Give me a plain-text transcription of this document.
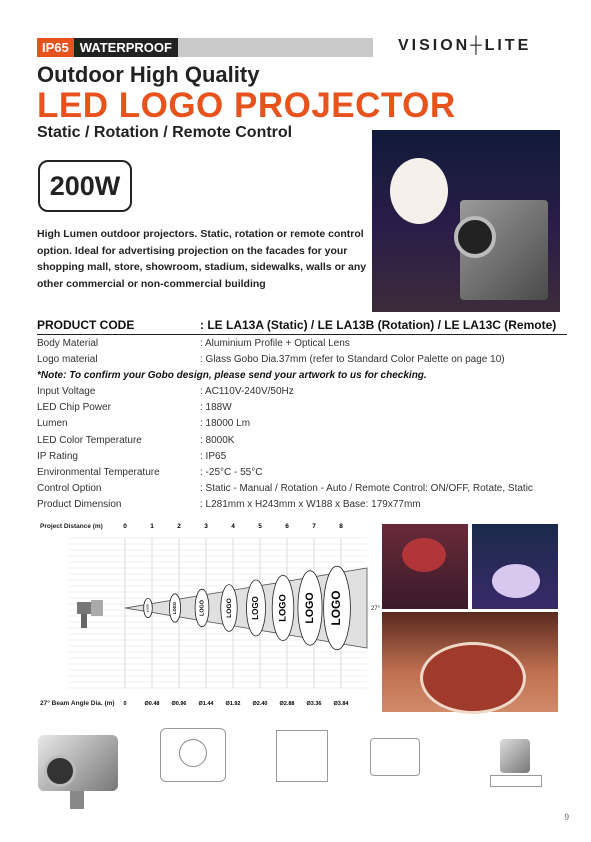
IP65 WATERPROOF	VISION┼LITE
Outdoor High Quality
LED LOGO PROJECTOR
Static / Rotation / Remote Control
200W
High Lumen outdoor projectors. Static, rotation or remote control option. Ideal for advertising projection on the facades for your shopping mall, store, showroom, stadium, sidewalks, walls or any other commercial or non-commercial building
PRODUCT CODE	: LE LA13A (Static) / LE LA13B (Rotation) / LE LA13C (Remote)
Body Material	: Aluminium Profile + Optical Lens
Logo material	: Glass Gobo Dia.37mm (refer to Standard Color Palette on page 10)
*Note: To confirm your Gobo design, please send your artwork to us for checking.
Input Voltage	: AC110V-240V/50Hz
LED Chip Power	: 188W
Lumen	: 18000 Lm
LED Color Temperature	: 8000K
IP Rating	: IP65
Environmental Temperature	: -25°C - 55°C
Control Option	: Static - Manual / Rotation - Auto / Remote Control: ON/OFF, Rotate, Static
Product Dimension	: L281mm x H243mm x W188 x Base: 179x77mm
Project Distance (m)	0	1	2	3	4	5	6	7	8
LOGO	LOGO	LOGO	LOGO LOGO LOGO LOGO LOGO	27°
27° Beam Angle Dia. (m) 0	Ø0.48 Ø0.96 Ø1.44 Ø1.92 Ø2.40 Ø2.88 Ø3.36 Ø3.84
9
